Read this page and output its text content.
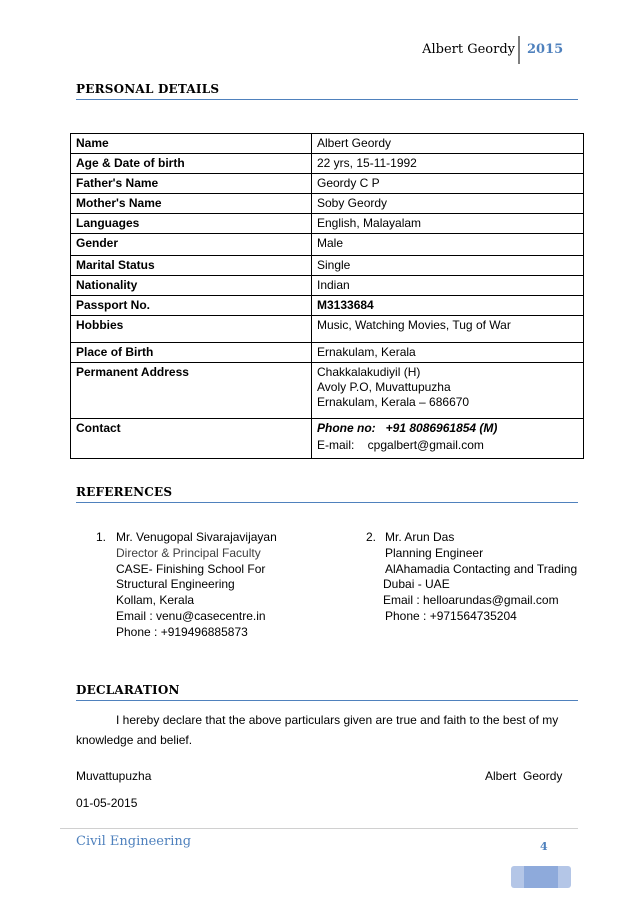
Albert Geordy 2015
PERSONAL DETAILS
Name	Albert Geordy
Age & Date of birth	22 yrs, 15-11-1992
Father's Name	Geordy C P
Mother's Name	Soby Geordy
Languages	English, Malayalam
Gender	Male
Marital Status	Single
Nationality	Indian
Passport No.	M3133684
Hobbies	Music, Watching Movies, Tug of War
Place of Birth	Ernakulam, Kerala
Permanent Address	Chakkalakudiyil (H)
Avoly P.O, Muvattupuzha
Ernakulam, Kerala – 686670

Contact	Phone no:   +91 8086961854 (M)
E-mail:    cpgalbert@gmail.com
REFERENCES
1. Mr. Venugopal Sivarajavijayan
Director & Principal Faculty
CASE- Finishing School For
Structural Engineering
Kollam, Kerala
Email : venu@casecentre.in
Phone : +919496885873
2. Mr. Arun Das
Planning Engineer
AlAhamadia Contacting and Trading
Dubai - UAE
Email : helloarundas@gmail.com
Phone : +971564735204
DECLARATION
I hereby declare that the above particulars given are true and faith to the best of my knowledge and belief.
Muvattupuzha	Albert  Geordy
01-05-2015
Civil Engineering	4
